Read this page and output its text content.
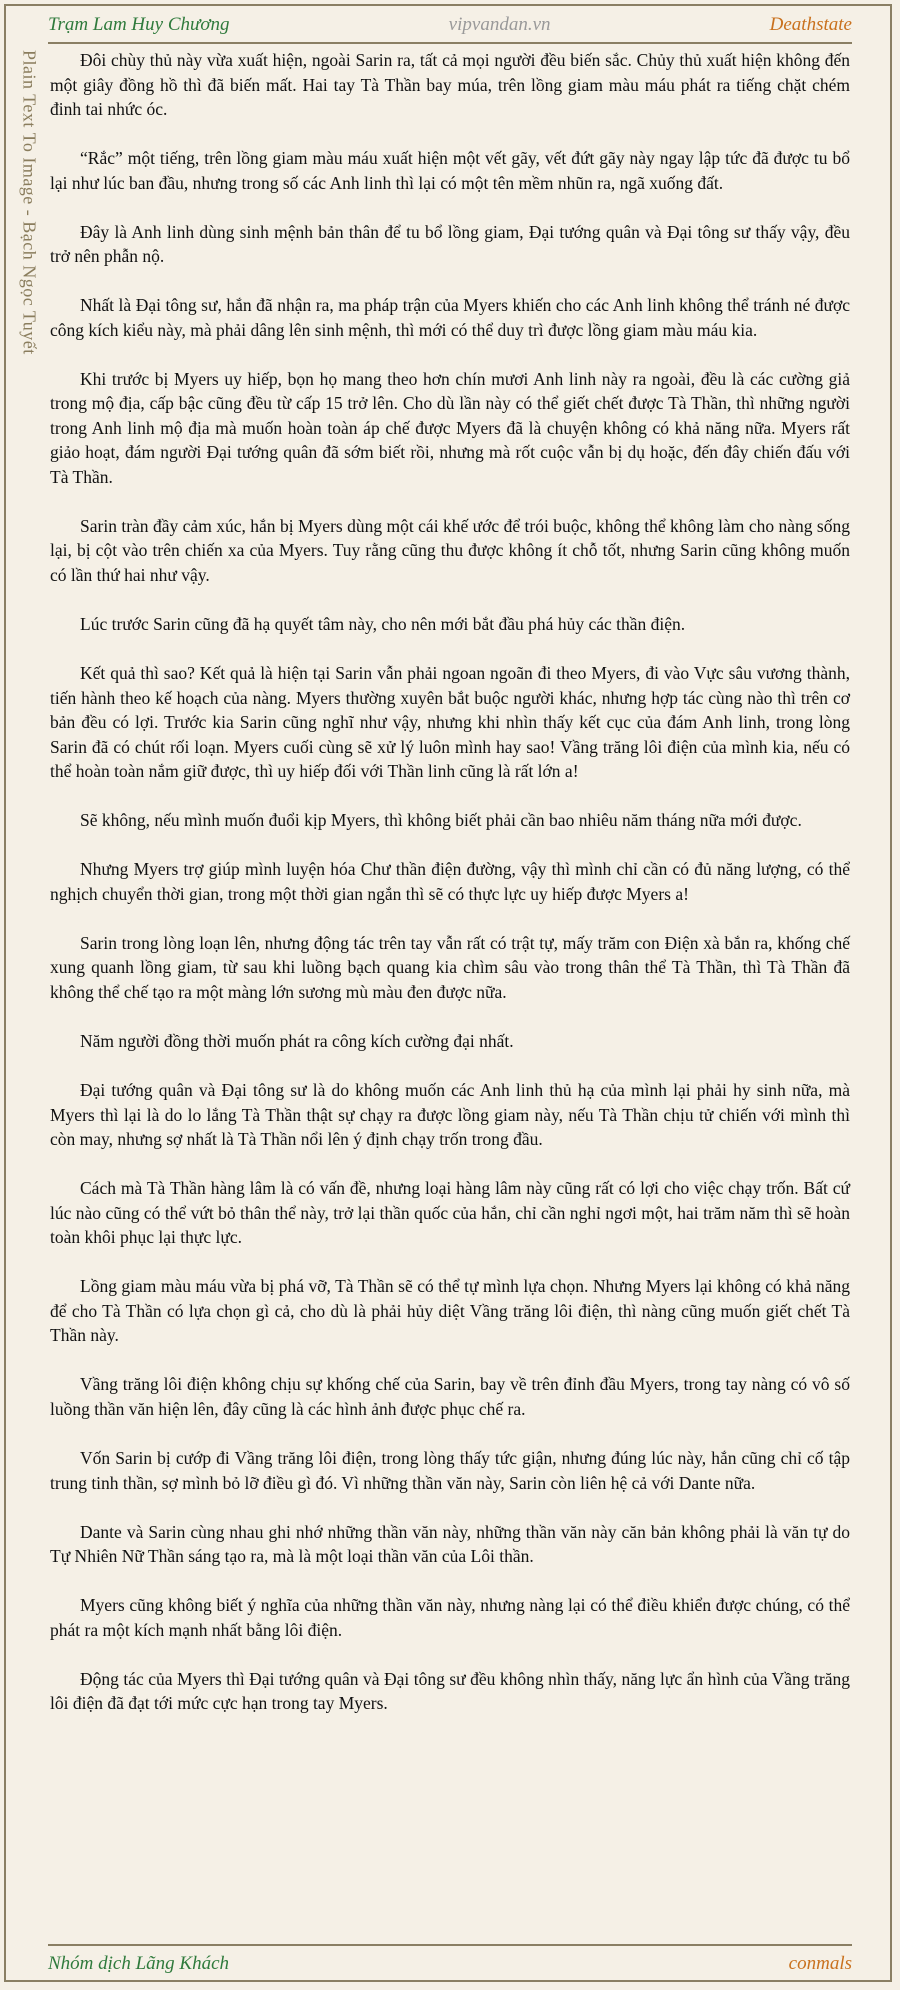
Trạm Lam Huy Chương	vipvandan.vn	Deathstate
Plain Text To Image - Bạch Ngọc Tuyết	Đôi chùy thủ này vừa xuất hiện, ngoài Sarin ra, tất cả mọi người đều biến sắc. Chủy thủ xuất hiện không đến một giây đồng hồ thì đã biến mất. Hai tay Tà Thần bay múa, trên lồng giam màu máu phát ra tiếng chặt chém đinh tai nhức óc.

“Rắc” một tiếng, trên lồng giam màu máu xuất hiện một vết gãy, vết đứt gãy này ngay lập tức đã được tu bổ lại như lúc ban đầu, nhưng trong số các Anh linh thì lại có một tên mềm nhũn ra, ngã xuống đất.

Đây là Anh linh dùng sinh mệnh bản thân để tu bổ lồng giam, Đại tướng quân và Đại tông sư thấy vậy, đều trở nên phẫn nộ.

Nhất là Đại tông sư, hắn đã nhận ra, ma pháp trận của Myers khiến cho các Anh linh không thể tránh né được công kích kiểu này, mà phải dâng lên sinh mệnh, thì mới có thể duy trì được lồng giam màu máu kia.

Khi trước bị Myers uy hiếp, bọn họ mang theo hơn chín mươi Anh linh này ra ngoài, đều là các cường giả trong mộ địa, cấp bậc cũng đều từ cấp 15 trở lên. Cho dù lần này có thể giết chết được Tà Thần, thì những người trong Anh linh mộ địa mà muốn hoàn toàn áp chế được Myers đã là chuyện không có khả năng nữa. Myers rất giảo hoạt, đám người Đại tướng quân đã sớm biết rồi, nhưng mà rốt cuộc vẫn bị dụ hoặc, đến đây chiến đấu với Tà Thần.

Sarin tràn đầy cảm xúc, hắn bị Myers dùng một cái khế ước để trói buộc, không thể không làm cho nàng sống lại, bị cột vào trên chiến xa của Myers. Tuy rằng cũng thu được không ít chỗ tốt, nhưng Sarin cũng không muốn có lần thứ hai như vậy.

Lúc trước Sarin cũng đã hạ quyết tâm này, cho nên mới bắt đầu phá hủy các thần điện.

Kết quả thì sao? Kết quả là hiện tại Sarin vẫn phải ngoan ngoãn đi theo Myers, đi vào Vực sâu vương thành, tiến hành theo kế hoạch của nàng. Myers thường xuyên bắt buộc người khác, nhưng hợp tác cùng nào thì trên cơ bản đều có lợi. Trước kia Sarin cũng nghĩ như vậy, nhưng khi nhìn thấy kết cục của đám Anh linh, trong lòng Sarin đã có chút rối loạn. Myers cuối cùng sẽ xử lý luôn mình hay sao! Vầng trăng lôi điện của mình kia, nếu có thể hoàn toàn nắm giữ được, thì uy hiếp đối với Thần linh cũng là rất lớn a!

Sẽ không, nếu mình muốn đuổi kịp Myers, thì không biết phải cần bao nhiêu năm tháng nữa mới được.

Nhưng Myers trợ giúp mình luyện hóa Chư thần điện đường, vậy thì mình chỉ cần có đủ năng lượng, có thể nghịch chuyển thời gian, trong một thời gian ngắn thì sẽ có thực lực uy hiếp được Myers a!

Sarin trong lòng loạn lên, nhưng động tác trên tay vẫn rất có trật tự, mấy trăm con Điện xà bắn ra, khống chế xung quanh lồng giam, từ sau khi luồng bạch quang kia chìm sâu vào trong thân thể Tà Thần, thì Tà Thần đã không thể chế tạo ra một màng lớn sương mù màu đen được nữa.

Năm người đồng thời muốn phát ra công kích cường đại nhất.

Đại tướng quân và Đại tông sư là do không muốn các Anh linh thủ hạ của mình lại phải hy sinh nữa, mà Myers thì lại là do lo lắng Tà Thần thật sự chạy ra được lồng giam này, nếu Tà Thần chịu tử chiến với mình thì còn may, nhưng sợ nhất là Tà Thần nổi lên ý định chạy trốn trong đầu.

Cách mà Tà Thần hàng lâm là có vấn đề, nhưng loại hàng lâm này cũng rất có lợi cho việc chạy trốn. Bất cứ lúc nào cũng có thể vứt bỏ thân thể này, trở lại thần quốc của hắn, chỉ cần nghỉ ngơi một, hai trăm năm thì sẽ hoàn toàn khôi phục lại thực lực.

Lồng giam màu máu vừa bị phá vỡ, Tà Thần sẽ có thể tự mình lựa chọn. Nhưng Myers lại không có khả năng để cho Tà Thần có lựa chọn gì cả, cho dù là phải hủy diệt Vầng trăng lôi điện, thì nàng cũng muốn giết chết Tà Thần này.

Vầng trăng lôi điện không chịu sự khống chế của Sarin, bay về trên đỉnh đầu Myers, trong tay nàng có vô số luồng thần văn hiện lên, đây cũng là các hình ảnh được phục chế ra.

Vốn Sarin bị cướp đi Vầng trăng lôi điện, trong lòng thấy tức giận, nhưng đúng lúc này, hắn cũng chỉ cố tập trung tinh thần, sợ mình bỏ lỡ điều gì đó. Vì những thần văn này, Sarin còn liên hệ cả với Dante nữa.

Dante và Sarin cùng nhau ghi nhớ những thần văn này, những thần văn này căn bản không phải là văn tự do Tự Nhiên Nữ Thần sáng tạo ra, mà là một loại thần văn của Lôi thần.

Myers cũng không biết ý nghĩa của những thần văn này, nhưng nàng lại có thể điều khiển được chúng, có thể phát ra một kích mạnh nhất bằng lôi điện.

Động tác của Myers thì Đại tướng quân và Đại tông sư đều không nhìn thấy, năng lực ẩn hình của Vầng trăng lôi điện đã đạt tới mức cực hạn trong tay Myers.

Nhóm dịch Lãng Khách	conmals
